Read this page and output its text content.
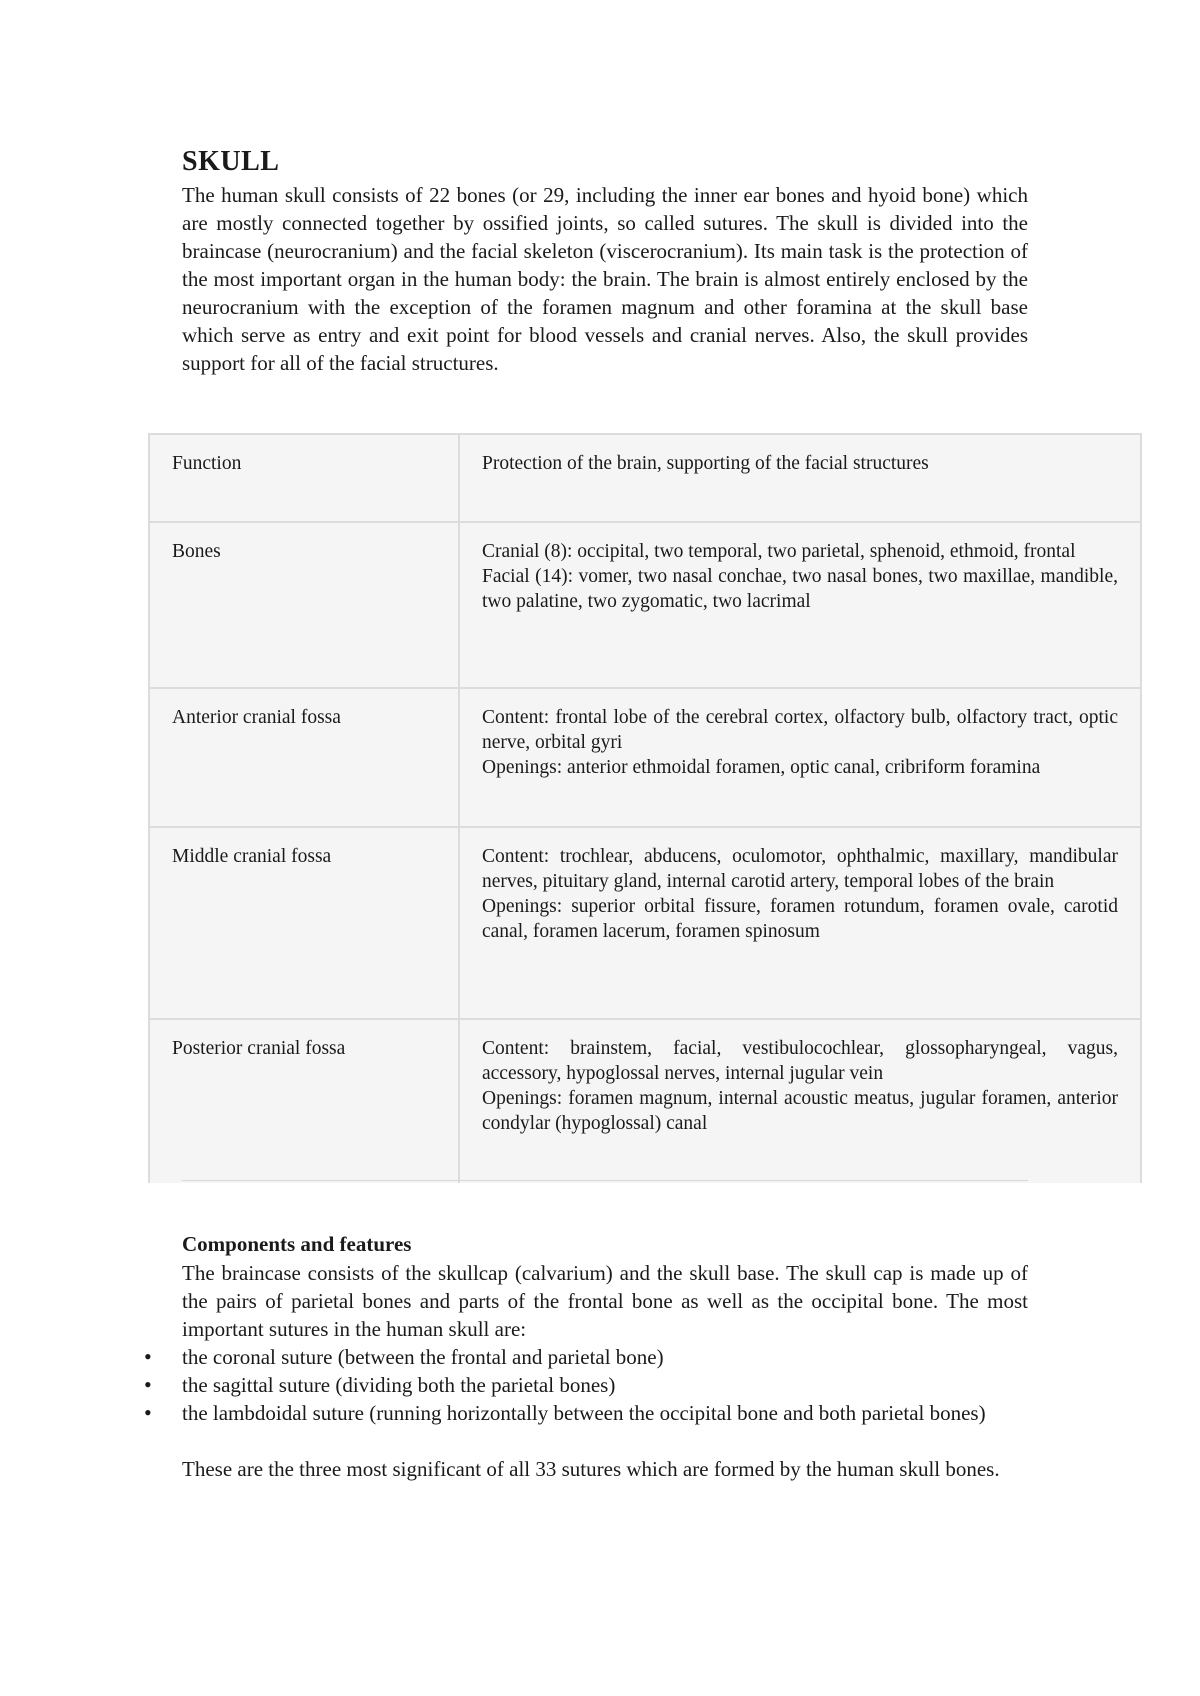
SKULL

The human skull consists of 22 bones (or 29, including the inner ear bones and hyoid bone) which are mostly connected together by ossified joints, so called sutures. The skull is divided into the braincase (neurocranium) and the facial skeleton (viscerocranium). Its main task is the protection of the most important organ in the human body: the brain. The brain is almost entirely enclosed by the neurocranium with the exception of the foramen magnum and other foramina at the skull base which serve as entry and exit point for blood vessels and cranial nerves. Also, the skull provides support for all of the facial structures.

Function	Protection of the brain, supporting of the facial structures

Bones	Cranial (8): occipital, two temporal, two parietal, sphenoid, ethmoid, frontal

Facial (14): vomer, two nasal conchae, two nasal bones, two maxillae, mandible, two palatine, two zygomatic, two lacrimal

Anterior cranial fossa	Content: frontal lobe of the cerebral cortex, olfactory bulb, olfactory tract, optic nerve, orbital gyri

Openings: anterior ethmoidal foramen, optic canal, cribriform foramina

Middle cranial fossa	Content: trochlear, abducens, oculomotor, ophthalmic, maxillary, mandibular nerves, pituitary gland, internal carotid artery, temporal lobes of the brain

Openings: superior orbital fissure, foramen rotundum, foramen ovale, carotid canal, foramen lacerum, foramen spinosum

Posterior cranial fossa	Content: brainstem, facial, vestibulocochlear, glossopharyngeal, vagus, accessory, hypoglossal nerves, internal jugular vein

Openings: foramen magnum, internal acoustic meatus, jugular foramen, anterior condylar (hypoglossal) canal

Components and features

The braincase consists of the skullcap (calvarium) and the skull base. The skull cap is made up of the pairs of parietal bones and parts of the frontal bone as well as the occipital bone. The most important sutures in the human skull are:

• the coronal suture (between the frontal and parietal bone)
• the sagittal suture (dividing both the parietal bones)
• the lambdoidal suture (running horizontally between the occipital bone and both parietal bones)

These are the three most significant of all 33 sutures which are formed by the human skull bones.
